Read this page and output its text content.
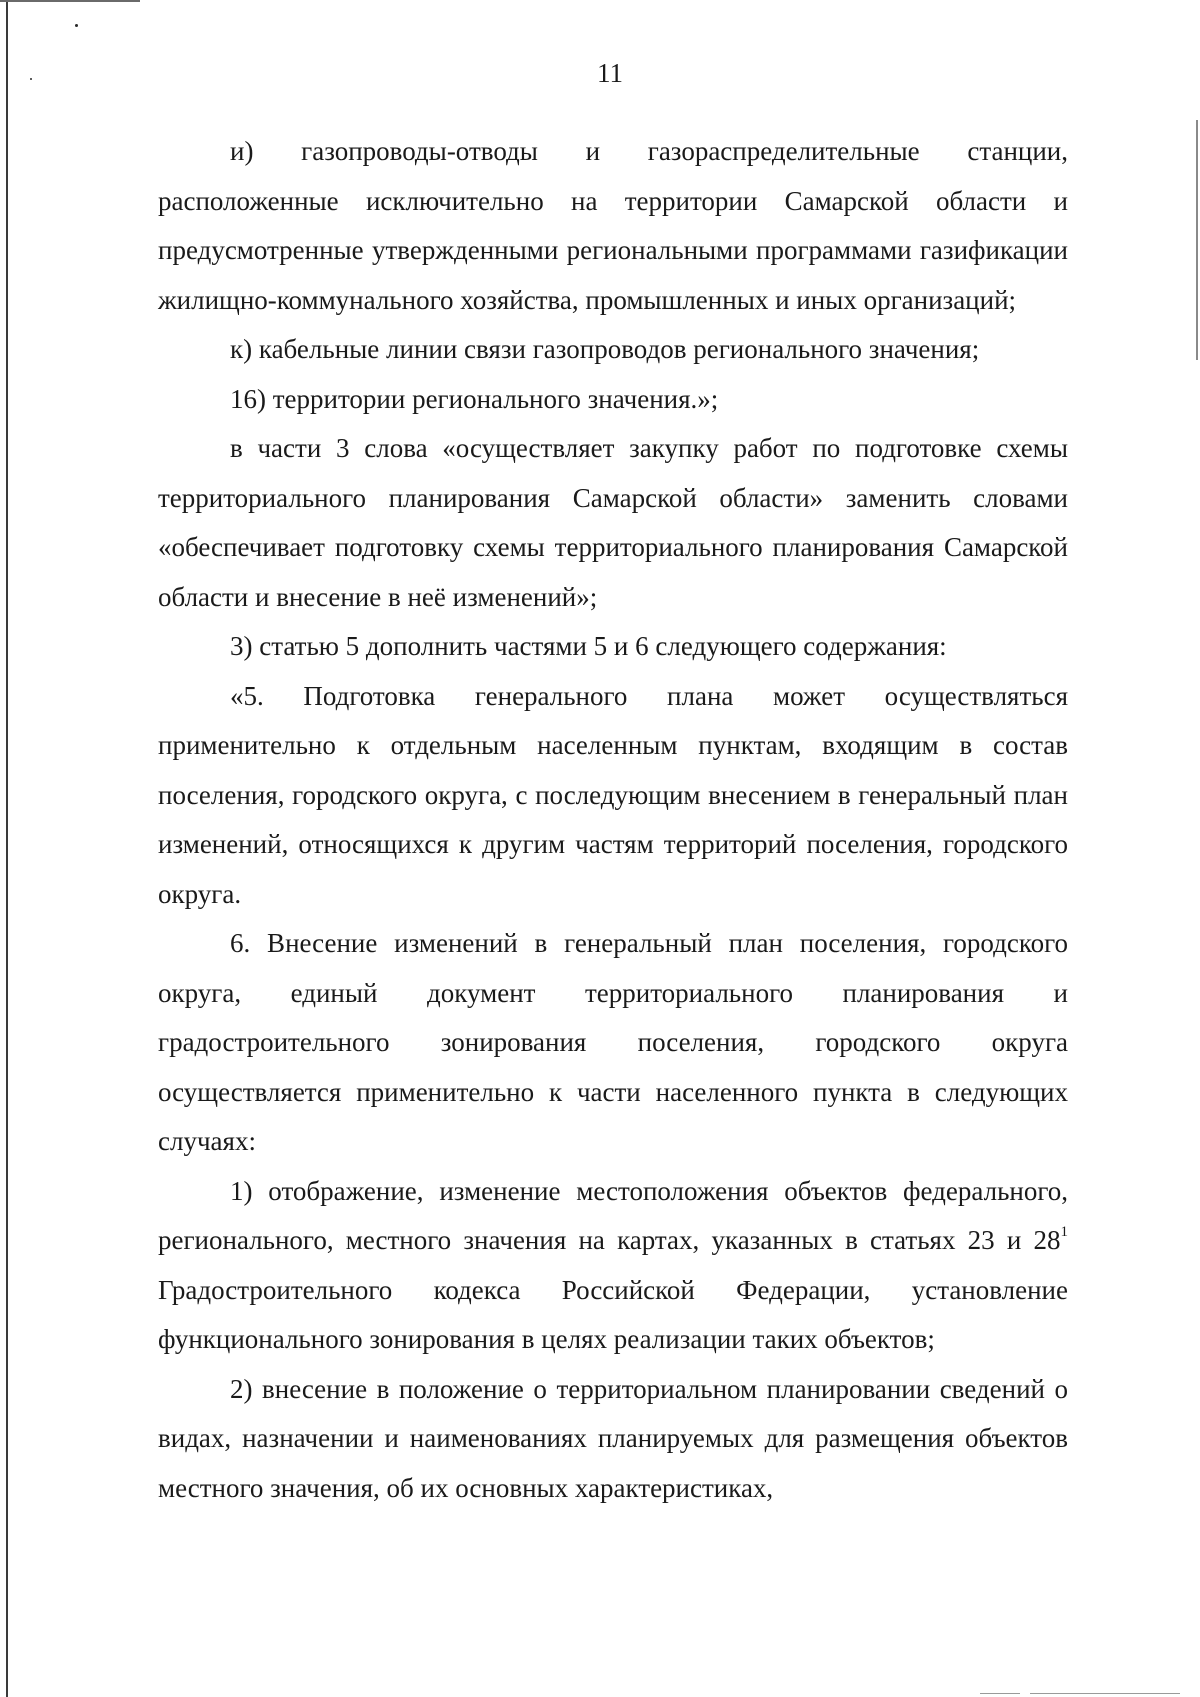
11

и) газопроводы-отводы и газораспределительные станции, расположенные исключительно на территории Самарской области и предусмотренные утвержденными региональными программами газификации жилищно-коммунального хозяйства, промышленных и иных организаций;

к) кабельные линии связи газопроводов регионального значения;

16) территории регионального значения.»;

в части 3 слова «осуществляет закупку работ по подготовке схемы территориального планирования Самарской области» заменить словами «обеспечивает подготовку схемы территориального планирования Самарской области и внесение в неё изменений»;

3) статью 5 дополнить частями 5 и 6 следующего содержания:

«5. Подготовка генерального плана может осуществляться применительно к отдельным населенным пунктам, входящим в состав поселения, городского округа, с последующим внесением в генеральный план изменений, относящихся к другим частям территорий поселения, городского округа.

6. Внесение изменений в генеральный план поселения, городского округа, единый документ территориального планирования и градостроительного зонирования поселения, городского округа осуществляется применительно к части населенного пункта в следующих случаях:

1) отображение, изменение местоположения объектов федерального, регионального, местного значения на картах, указанных в статьях 23 и $28^1$ Градостроительного кодекса Российской Федерации, установление функционального зонирования в целях реализации таких объектов;

2) внесение в положение о территориальном планировании сведений о видах, назначении и наименованиях планируемых для размещения объектов местного значения, об их основных характеристиках,
